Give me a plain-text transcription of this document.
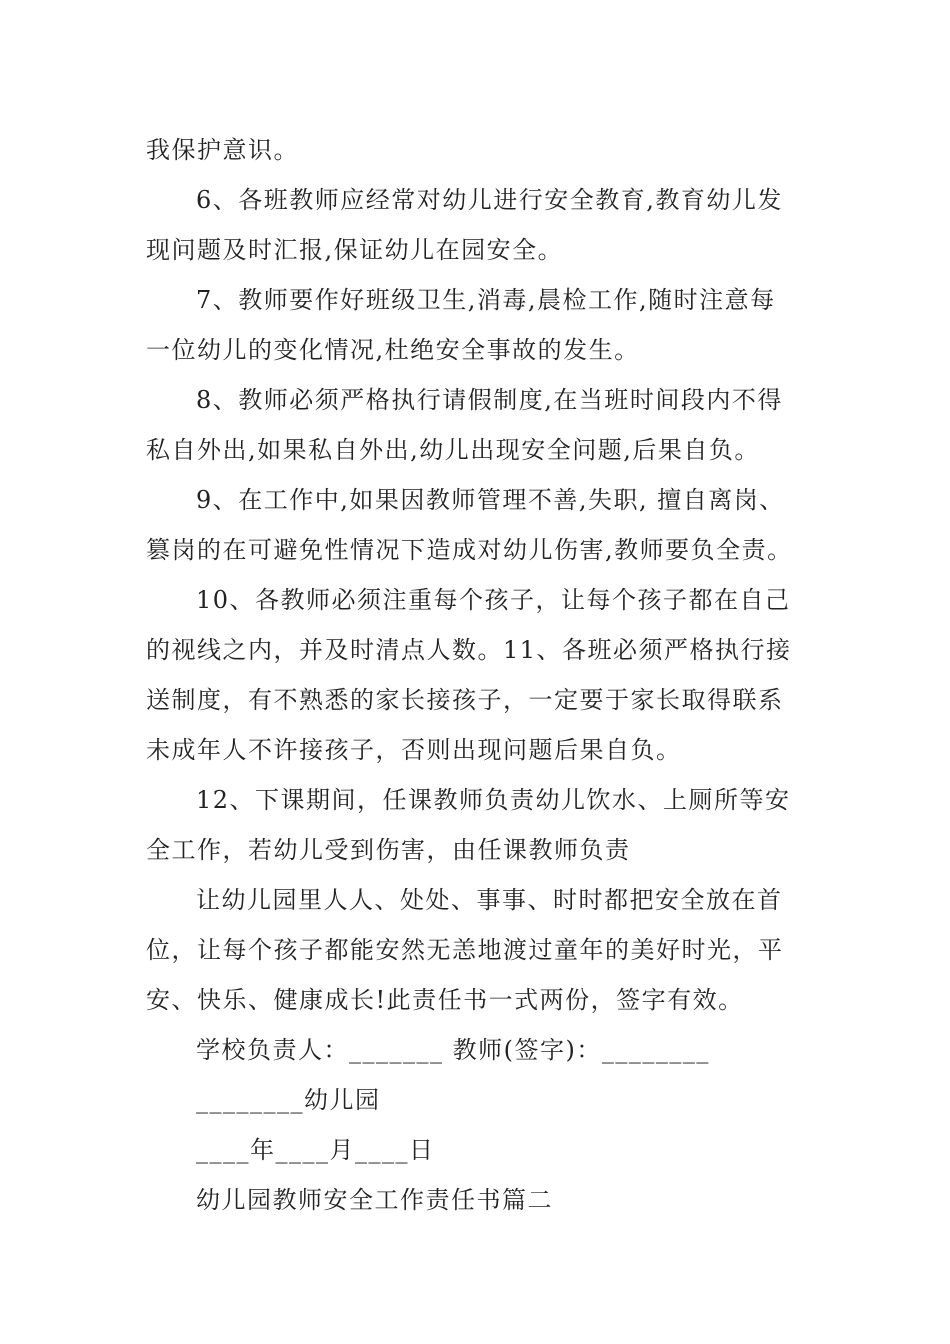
我保护意识。
6、各班教师应经常对幼儿进行安全教育,教育幼儿发
现问题及时汇报,保证幼儿在园安全。
7、教师要作好班级卫生,消毒,晨检工作,随时注意每
一位幼儿的变化情况,杜绝安全事故的发生。
8、教师必须严格执行请假制度,在当班时间段内不得
私自外出,如果私自外出,幼儿出现安全问题,后果自负。
9、在工作中,如果因教师管理不善,失职, 擅自离岗、
篡岗的在可避免性情况下造成对幼儿伤害,教师要负全责。
10、各教师必须注重每个孩子，让每个孩子都在自己
的视线之内，并及时清点人数。11、各班必须严格执行接
送制度，有不熟悉的家长接孩子，一定要于家长取得联系
未成年人不许接孩子，否则出现问题后果自负。
12、下课期间，任课教师负责幼儿饮水、上厕所等安
全工作，若幼儿受到伤害，由任课教师负责
让幼儿园里人人、处处、事事、时时都把安全放在首
位，让每个孩子都能安然无恙地渡过童年的美好时光，平
安、快乐、健康成长!此责任书一式两份，签字有效。
学校负责人：_______ 教师(签字)：________
________幼儿园
____年____月____日
幼儿园教师安全工作责任书篇二
